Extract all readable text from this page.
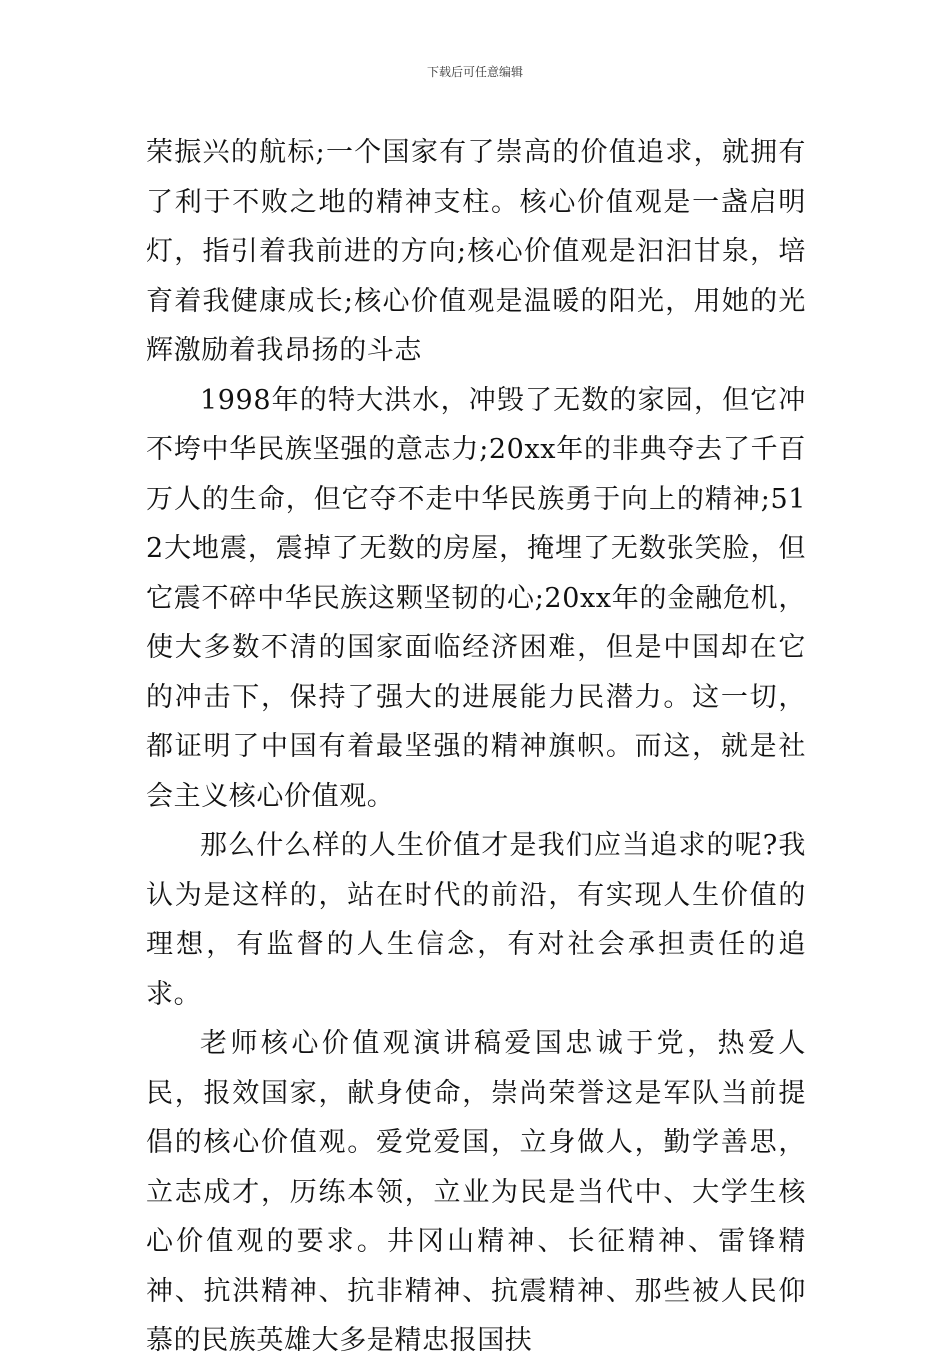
下载后可任意编辑

荣振兴的航标;一个国家有了崇高的价值追求，就拥有了利于不败之地的精神支柱。核心价值观是一盏启明灯，指引着我前进的方向;核心价值观是汩汩甘泉，培育着我健康成长;核心价值观是温暖的阳光，用她的光辉激励着我昂扬的斗志

1998年的特大洪水，冲毁了无数的家园，但它冲不垮中华民族坚强的意志力;20xx年的非典夺去了千百万人的生命，但它夺不走中华民族勇于向上的精神;512大地震，震掉了无数的房屋，掩埋了无数张笑脸，但它震不碎中华民族这颗坚韧的心;20xx年的金融危机，使大多数不清的国家面临经济困难，但是中国却在它的冲击下，保持了强大的进展能力民潜力。这一切，都证明了中国有着最坚强的精神旗帜。而这，就是社会主义核心价值观。

那么什么样的人生价值才是我们应当追求的呢?我认为是这样的，站在时代的前沿，有实现人生价值的理想，有监督的人生信念，有对社会承担责任的追求。

老师核心价值观演讲稿爱国忠诚于党，热爱人民，报效国家，献身使命，崇尚荣誉这是军队当前提倡的核心价值观。爱党爱国，立身做人，勤学善思，立志成才，历练本领，立业为民是当代中、大学生核心价值观的要求。井冈山精神、长征精神、雷锋精神、抗洪精神、抗非精神、抗震精神、那些被人民仰慕的民族英雄大多是精忠报国扶
